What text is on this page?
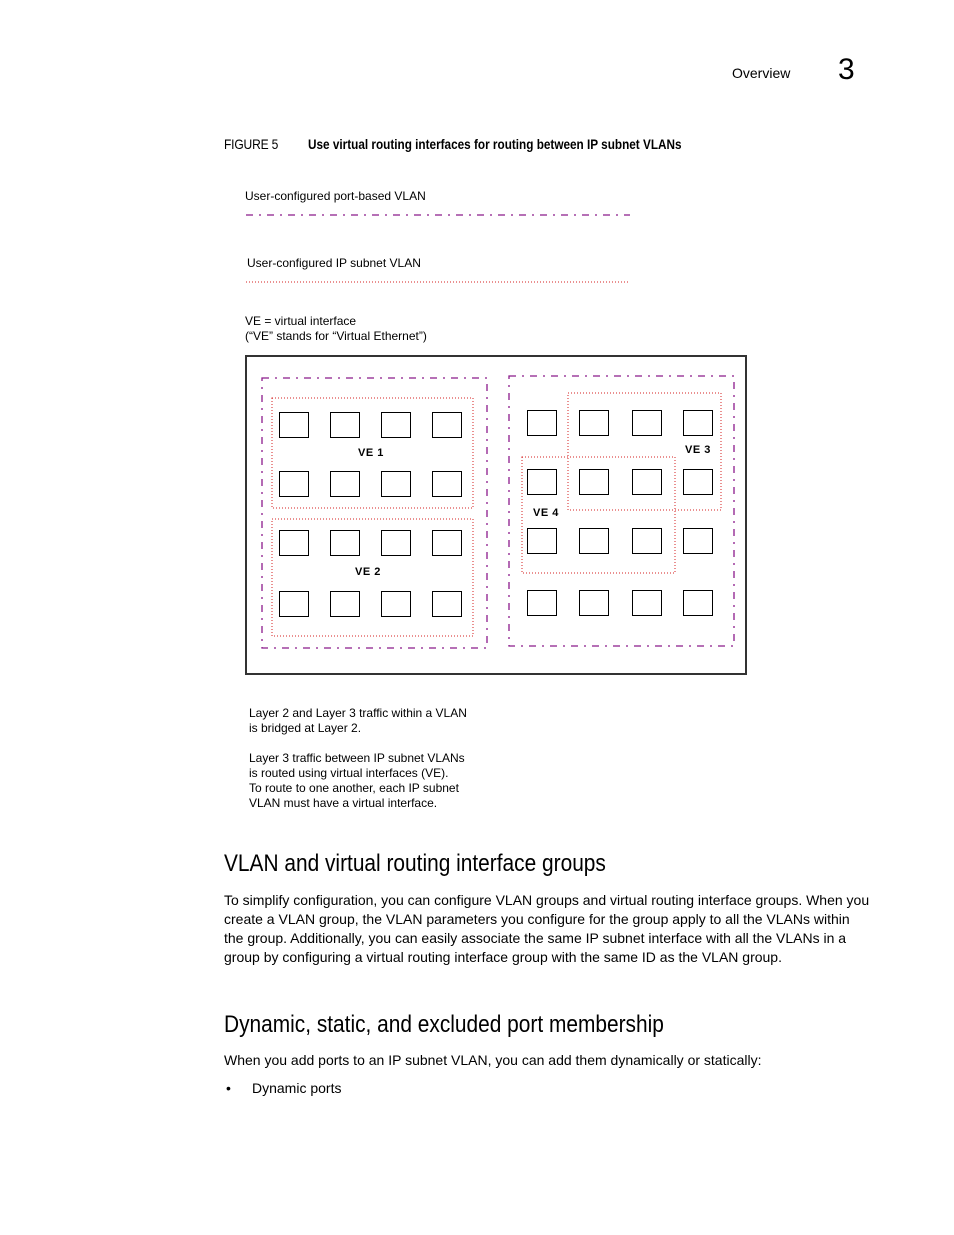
Overview 3
FIGURE 5 Use virtual routing interfaces for routing between IP subnet VLANs
User-configured port-based VLAN
User-configured IP subnet VLAN
VE = virtual interface
(“VE” stands for “Virtual Ethernet”)
VE 1
VE 2
VE 3
VE 4
Layer 2 and Layer 3 traffic within a VLAN
is bridged at Layer 2.
Layer 3 traffic between IP subnet VLANs
is routed using virtual interfaces (VE).
To route to one another, each IP subnet
VLAN must have a virtual interface.
VLAN and virtual routing interface groups
To simplify configuration, you can configure VLAN groups and virtual routing interface groups. When you create a VLAN group, the VLAN parameters you configure for the group apply to all the VLANs within the group. Additionally, you can easily associate the same IP subnet interface with all the VLANs in a group by configuring a virtual routing interface group with the same ID as the VLAN group.
Dynamic, static, and excluded port membership
When you add ports to an IP subnet VLAN, you can add them dynamically or statically:
• Dynamic ports
